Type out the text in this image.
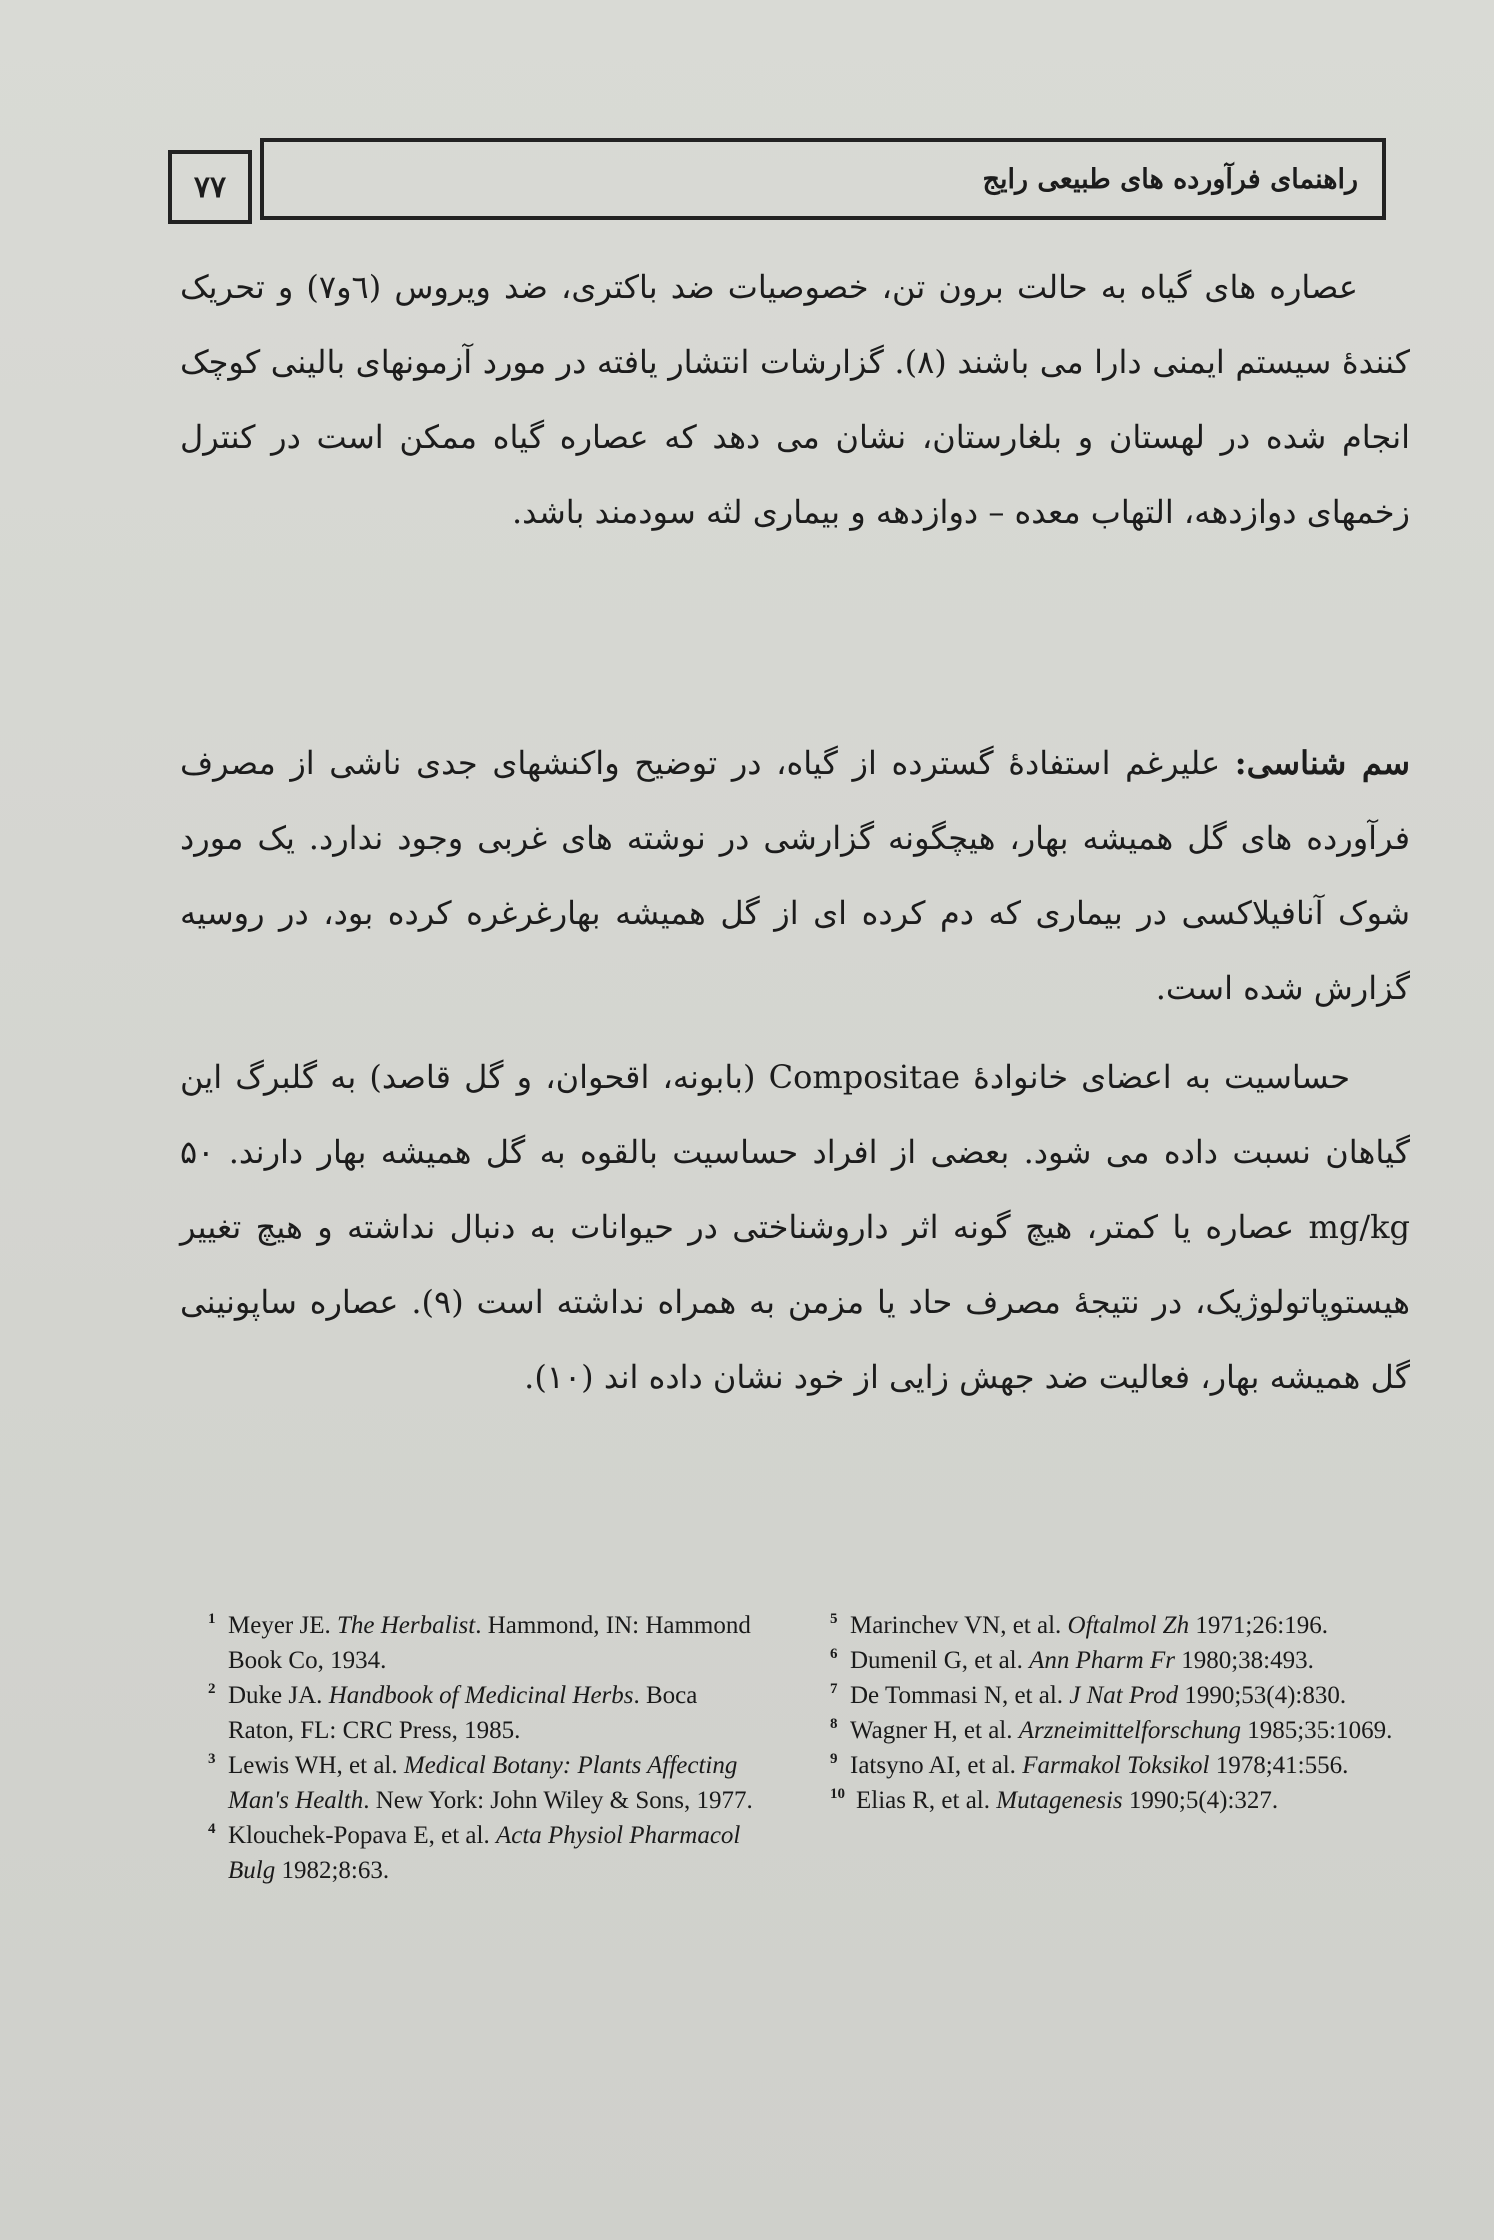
۷۷	راهنمای فرآورده های طبیعی رایج

عصاره های گیاه به حالت برون تن، خصوصیات ضد باکتری، ضد ویروس (٦و٧) و تحریک کنندۀ سیستم ایمنی دارا می باشند (۸). گزارشات انتشار یافته در مورد آزمونهای بالینی کوچک انجام شده در لهستان و بلغارستان، نشان می دهد که عصاره گیاه ممکن است در کنترل زخمهای دوازدهه، التهاب معده – دوازدهه و بیماری لثه سودمند باشد.

سم شناسی: علیرغم استفادۀ گسترده از گیاه، در توضیح واکنشهای جدی ناشی از مصرف فرآورده های گل همیشه بهار، هیچگونه گزارشی در نوشته های غربی وجود ندارد. یک مورد شوک آنافیلاکسی در بیماری که دم کرده ای از گل همیشه بهارغرغره کرده بود، در روسیه گزارش شده است.

حساسیت به اعضای خانوادۀ Compositae (بابونه، اقحوان، و گل قاصد) به گلبرگ این گیاهان نسبت داده می شود. بعضی از افراد حساسیت بالقوه به گل همیشه بهار دارند. ۵۰ mg/kg عصاره یا کمتر، هیچ گونه اثر داروشناختی در حیوانات به دنبال نداشته و هیچ تغییر هیستوپاتولوژیک، در نتیجۀ مصرف حاد یا مزمن به همراه نداشته است (۹). عصاره ساپونینی گل همیشه بهار، فعالیت ضد جهش زایی از خود نشان داده اند (۱۰).

1 Meyer JE. The Herbalist. Hammond, IN: Hammond Book Co, 1934.
2 Duke JA. Handbook of Medicinal Herbs. Boca Raton, FL: CRC Press, 1985.
3 Lewis WH, et al. Medical Botany: Plants Affecting Man's Health. New York: John Wiley & Sons, 1977.
4 Klouchek-Popava E, et al. Acta Physiol Pharmacol Bulg 1982;8:63.
5 Marinchev VN, et al. Oftalmol Zh 1971;26:196.
6 Dumenil G, et al. Ann Pharm Fr 1980;38:493.
7 De Tommasi N, et al. J Nat Prod 1990;53(4):830.
8 Wagner H, et al. Arzneimittelforschung 1985;35:1069.
9 Iatsyno AI, et al. Farmakol Toksikol 1978;41:556.
10 Elias R, et al. Mutagenesis 1990;5(4):327.
